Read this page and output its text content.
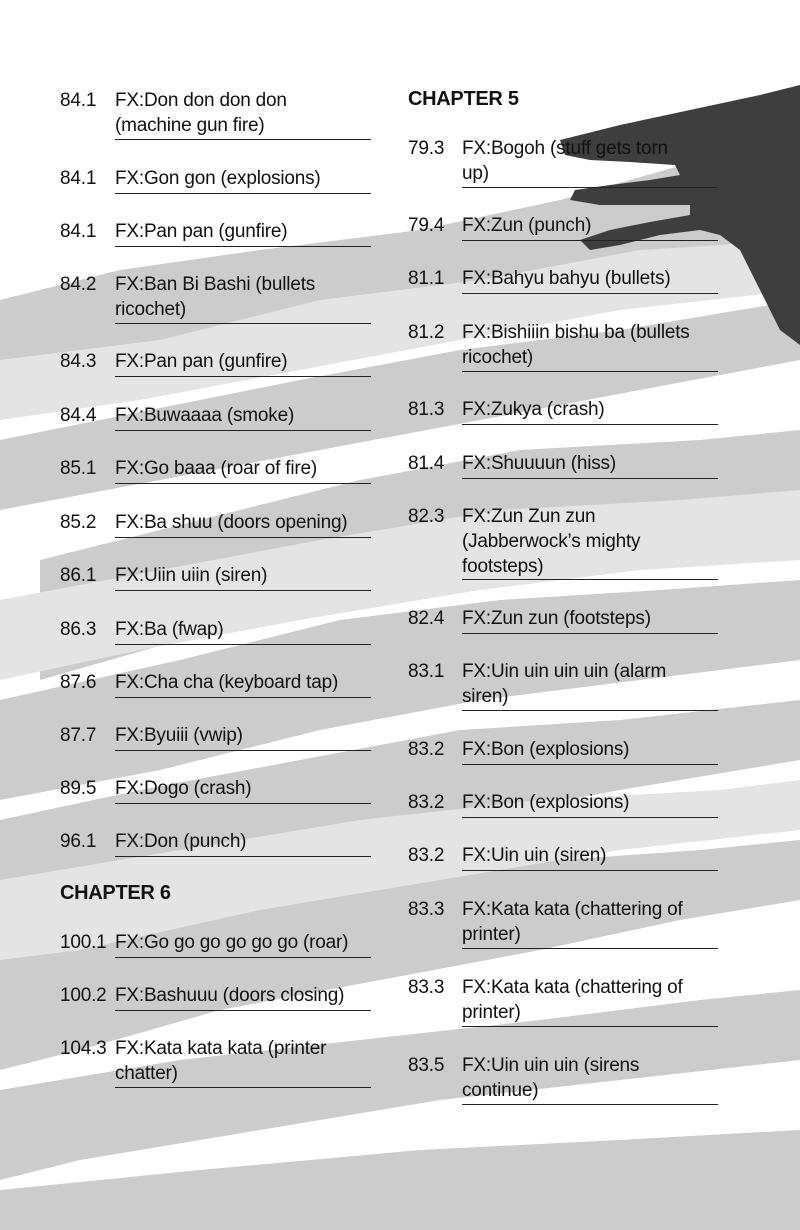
84.1 FX:Don don don don
(machine gun fire)
84.1 FX:Gon gon (explosions)
84.1 FX:Pan pan (gunfire)
84.2 FX:Ban Bi Bashi (bullets
ricochet)
84.3 FX:Pan pan (gunfire)
84.4 FX:Buwaaaa (smoke)
85.1 FX:Go baaa (roar of fire)
85.2 FX:Ba shuu (doors opening)
86.1 FX:Uiin uiin (siren)
86.3 FX:Ba (fwap)
87.6 FX:Cha cha (keyboard tap)
87.7 FX:Byuiii (vwip)
89.5 FX:Dogo (crash)
96.1 FX:Don (punch)
CHAPTER 6
100.1 FX:Go go go go go go (roar)
100.2 FX:Bashuuu (doors closing)
104.3 FX:Kata kata kata (printer
chatter)
CHAPTER 5
79.3 FX:Bogoh (stuff gets torn
up)
79.4 FX:Zun (punch)
81.1 FX:Bahyu bahyu (bullets)
81.2 FX:Bishiiin bishu ba (bullets
ricochet)
81.3 FX:Zukya (crash)
81.4 FX:Shuuuun (hiss)
82.3 FX:Zun Zun zun
(Jabberwock’s mighty
footsteps)
82.4 FX:Zun zun (footsteps)
83.1 FX:Uin uin uin uin (alarm
siren)
83.2 FX:Bon (explosions)
83.2 FX:Bon (explosions)
83.2 FX:Uin uin (siren)
83.3 FX:Kata kata (chattering of
printer)
83.3 FX:Kata kata (chattering of
printer)
83.5 FX:Uin uin uin (sirens
continue)
